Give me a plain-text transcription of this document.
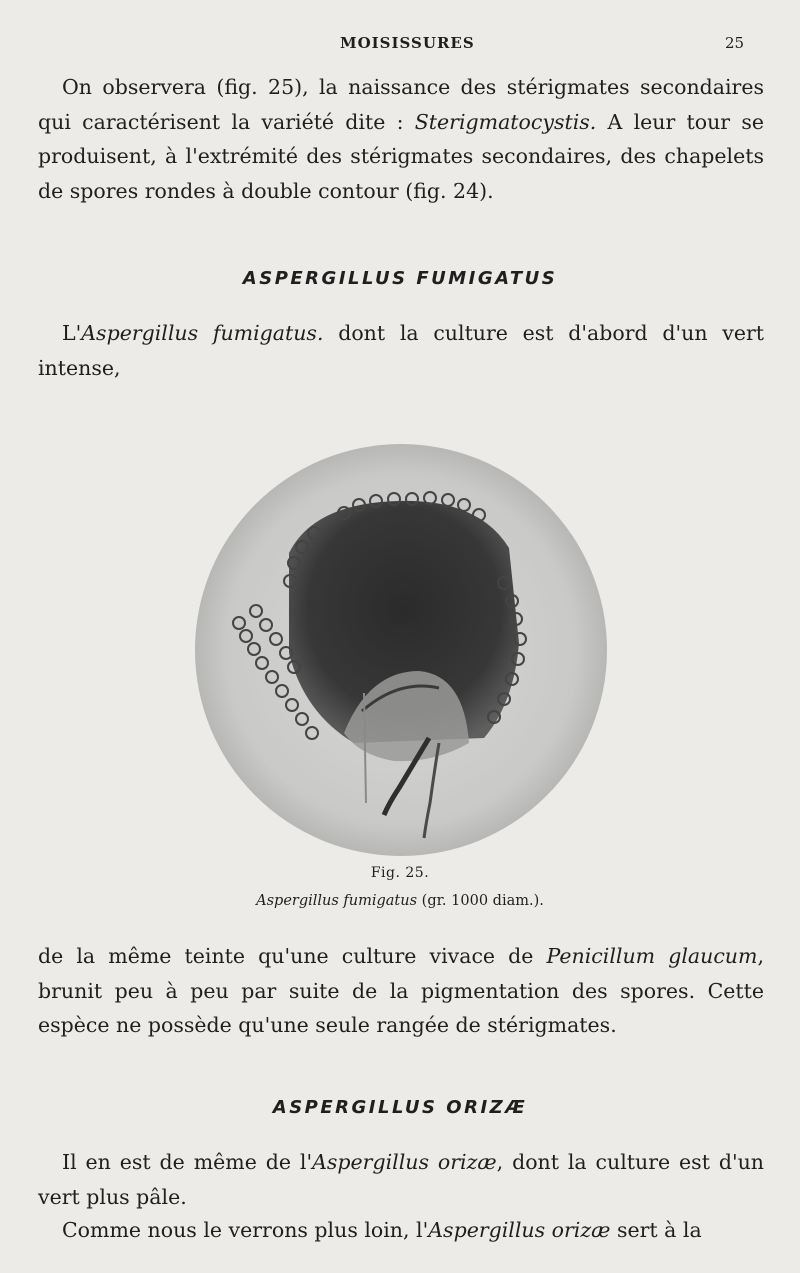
MOISISSURES	25

On observera (fig. 25), la naissance des stérigmates secondaires qui caractérisent la variété dite : Sterigmatocystis. A leur tour se produisent, à l'extrémité des stérigmates secondaires, des chapelets de spores rondes à double contour (fig. 24).

ASPERGILLUS FUMIGATUS

L'Aspergillus fumigatus. dont la culture est d'abord d'un vert intense,

Fig. 25.
Aspergillus fumigatus (gr. 1000 diam.).

de la même teinte qu'une culture vivace de Penicillum glaucum, brunit peu à peu par suite de la pigmentation des spores. Cette espèce ne possède qu'une seule rangée de stérigmates.

ASPERGILLUS ORIZÆ

Il en est de même de l'Aspergillus orizæ, dont la culture est d'un vert plus pâle.

Comme nous le verrons plus loin, l'Aspergillus orizæ sert à la
